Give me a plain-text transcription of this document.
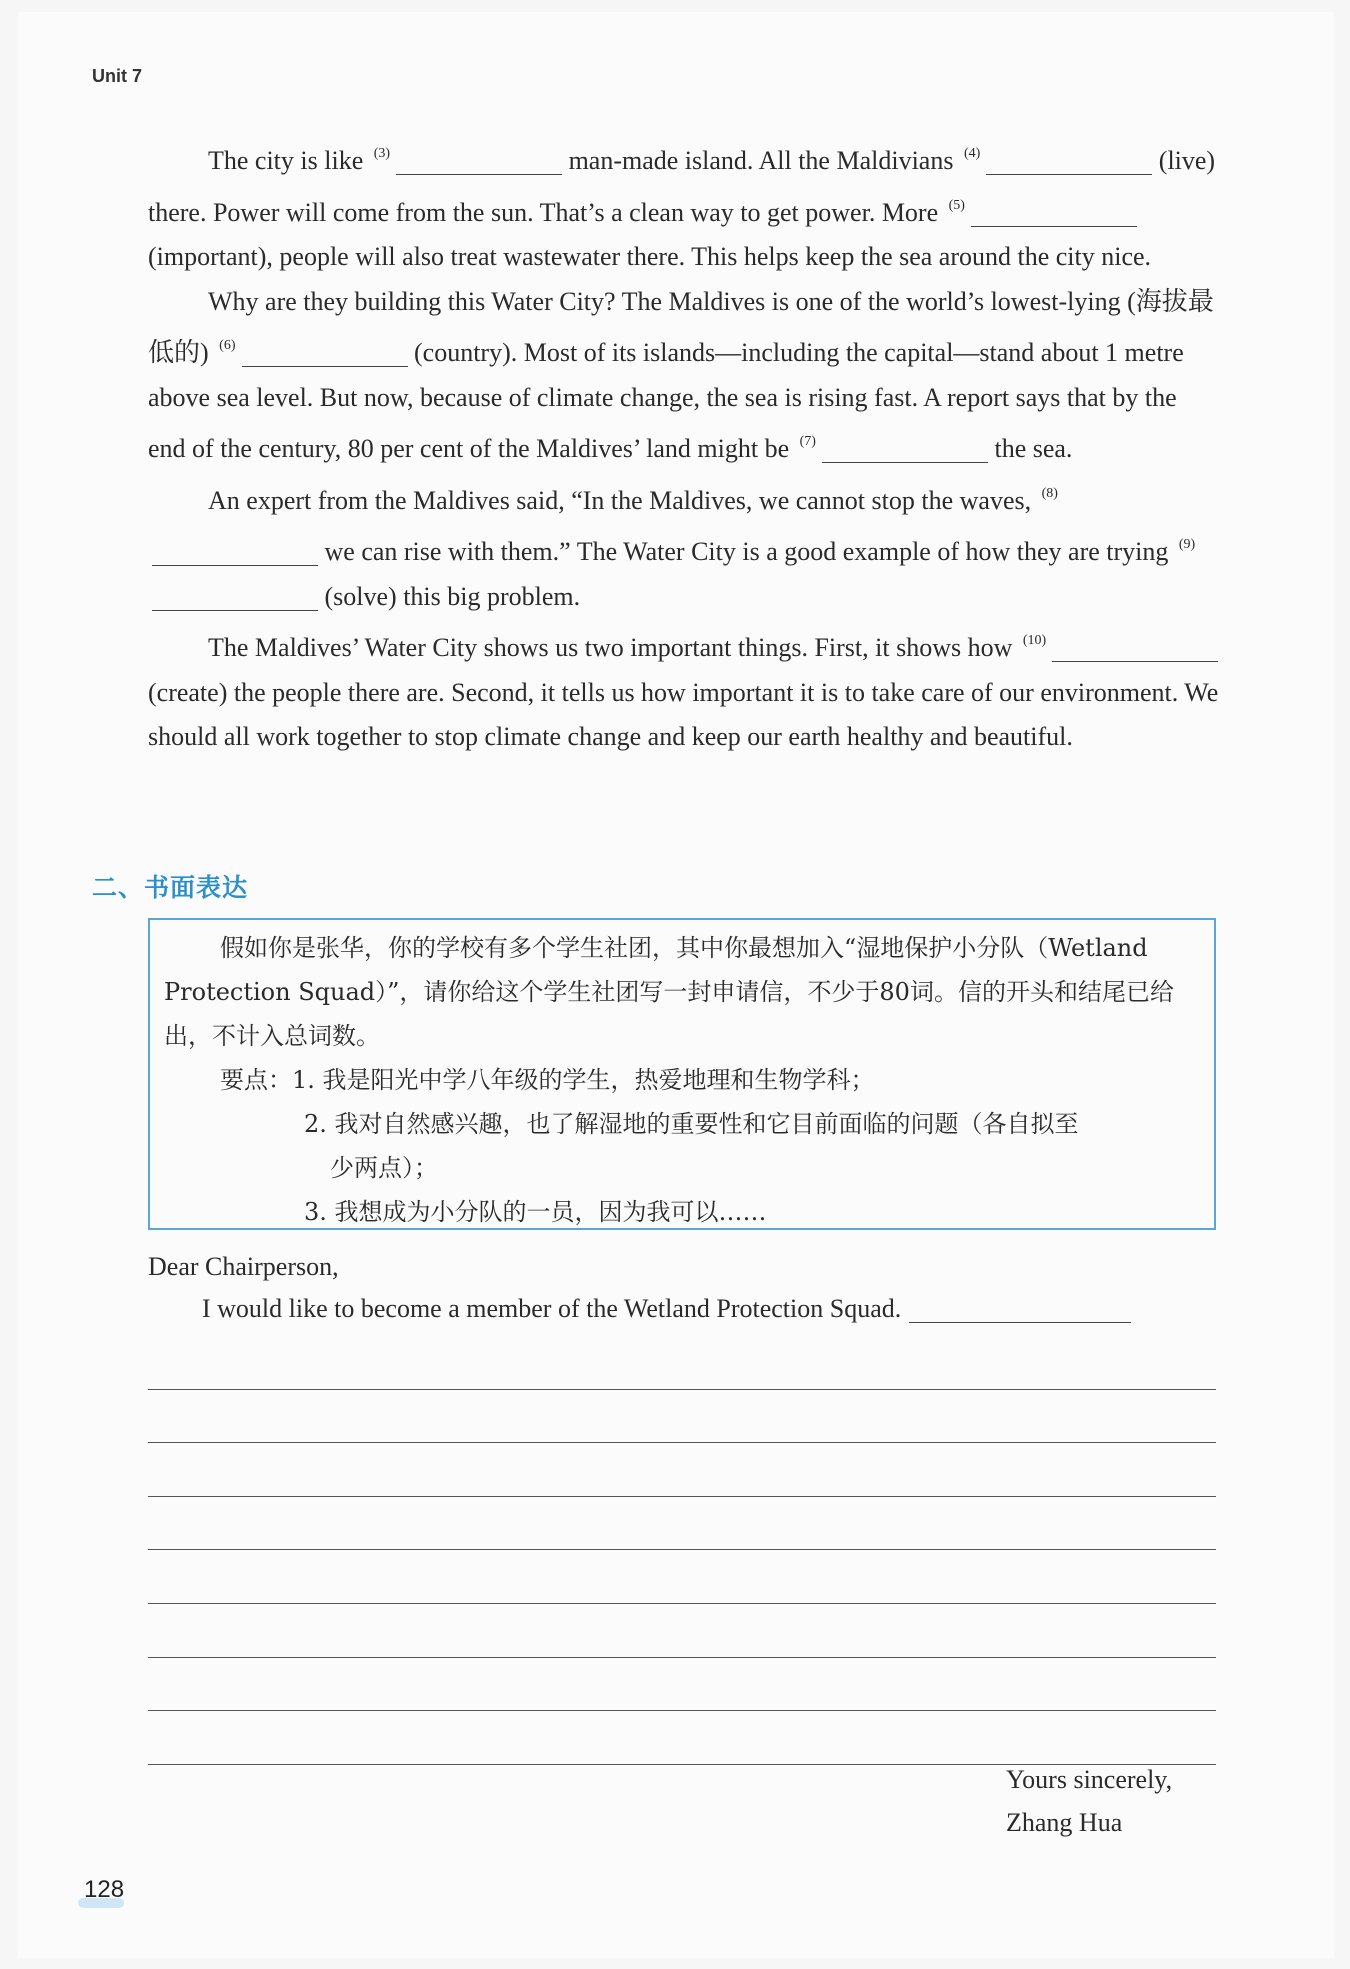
Unit 7

The city is like $^{(3)}$	man-made island. All the Maldivians $^{(4)}$	(live) there. Power will come from the sun. That’s a clean way to get power. More $^{(5)}$ (important), people will also treat wastewater there. This helps keep the sea around the city nice.

Why are they building this Water City? The Maldives is one of the world’s lowest-lying (海拔最低的) $^{(6)}$	(country). Most of its islands—including the capital—stand about 1 metre above sea level. But now, because of climate change, the sea is rising fast. A report says that by the end of the century, 80 per cent of the Maldives’ land might be $^{(7)}$	the sea.

An expert from the Maldives said, “In the Maldives, we cannot stop the waves, $^{(8)}$ we can rise with them.” The Water City is a good example of how they are trying $^{(9)}$ (solve) this big problem.

The Maldives’ Water City shows us two important things. First, it shows how $^{(10)}$ (create) the people there are. Second, it tells us how important it is to take care of our environment. We should all work together to stop climate change and keep our earth healthy and beautiful.

二、书面表达

假如你是张华，你的学校有多个学生社团，其中你最想加入“湿地保护小分队（Wetland Protection Squad）”，请你给这个学生社团写一封申请信，不少于80词。信的开头和结尾已给出，不计入总词数。

要点：1. 我是阳光中学八年级的学生，热爱地理和生物学科；

2. 我对自然感兴趣，也了解湿地的重要性和它目前面临的问题（各自拟至

少两点）；

3. 我想成为小分队的一员，因为我可以……

Dear Chairperson,

I would like to become a member of the Wetland Protection Squad.

Yours sincerely,

Zhang Hua

128
